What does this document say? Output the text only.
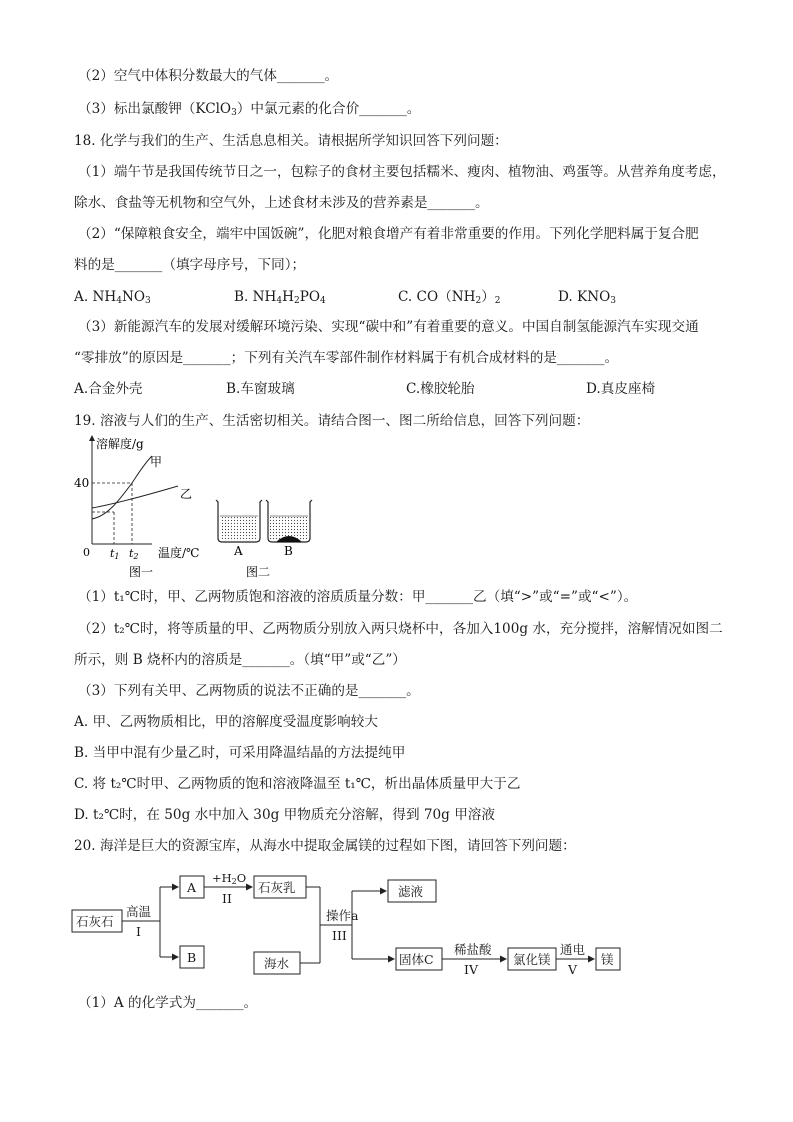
（2）空气中体积分数最大的气体_______。
（3）标出氯酸钾（KClO$_3$）中氯元素的化合价_______。
18. 化学与我们的生产、生活息息相关。请根据所学知识回答下列问题：
（1）端午节是我国传统节日之一，包粽子的食材主要包括糯米、瘦肉、植物油、鸡蛋等。从营养角度考虑，
除水、食盐等无机物和空气外，上述食材未涉及的营养素是_______。
（2）“保障粮食安全，端牢中国饭碗”，化肥对粮食增产有着非常重要的作用。下列化学肥料属于复合肥
料的是_______（填字母序号，下同）；
A. $NH_4NO_3$	B. $NH_4H_2PO_4$	C. $CO(NH_2)_2$	D. $KNO_3$
（3）新能源汽车的发展对缓解环境污染、实现“碳中和”有着重要的意义。中国自制氢能源汽车实现交通
“零排放”的原因是_______；下列有关汽车零部件制作材料属于有机合成材料的是_______。
A.合金外壳	B.车窗玻璃	C.橡胶轮胎	D.真皮座椅
19. 溶液与人们的生产、生活密切相关。请结合图一、图二所给信息，回答下列问题：
溶解度/g
40
0
甲
乙
t1 t2 温度/℃
图一
A	B
图二
（1）t₁℃时，甲、乙两物质饱和溶液的溶质质量分数：甲_______乙（填“>”或“=”或“<”）。
（2）t₂℃时，将等质量的甲、乙两物质分别放入两只烧杯中，各加入100g 水，充分搅拌，溶解情况如图二
所示，则 B 烧杯内的溶质是_______。（填“甲”或“乙”）
（3）下列有关甲、乙两物质的说法不正确的是_______。
A. 甲、乙两物质相比，甲的溶解度受温度影响较大
B. 当甲中混有少量乙时，可采用降温结晶的方法提纯甲
C. 将 t₂℃时甲、乙两物质的饱和溶液降温至 t₁℃，析出晶体质量甲大于乙
D. t₂℃时，在 50g 水中加入 30g 甲物质充分溶解，得到 70g 甲溶液
20. 海洋是巨大的资源宝库，从海水中提取金属镁的过程如下图，请回答下列问题：
石灰石
高温
I
A
B
+H2O
II
石灰乳
海水
操作a
III
滤液
固体C
稀盐酸
IV
氯化镁
通电
V
镁
（1）A 的化学式为_______。
